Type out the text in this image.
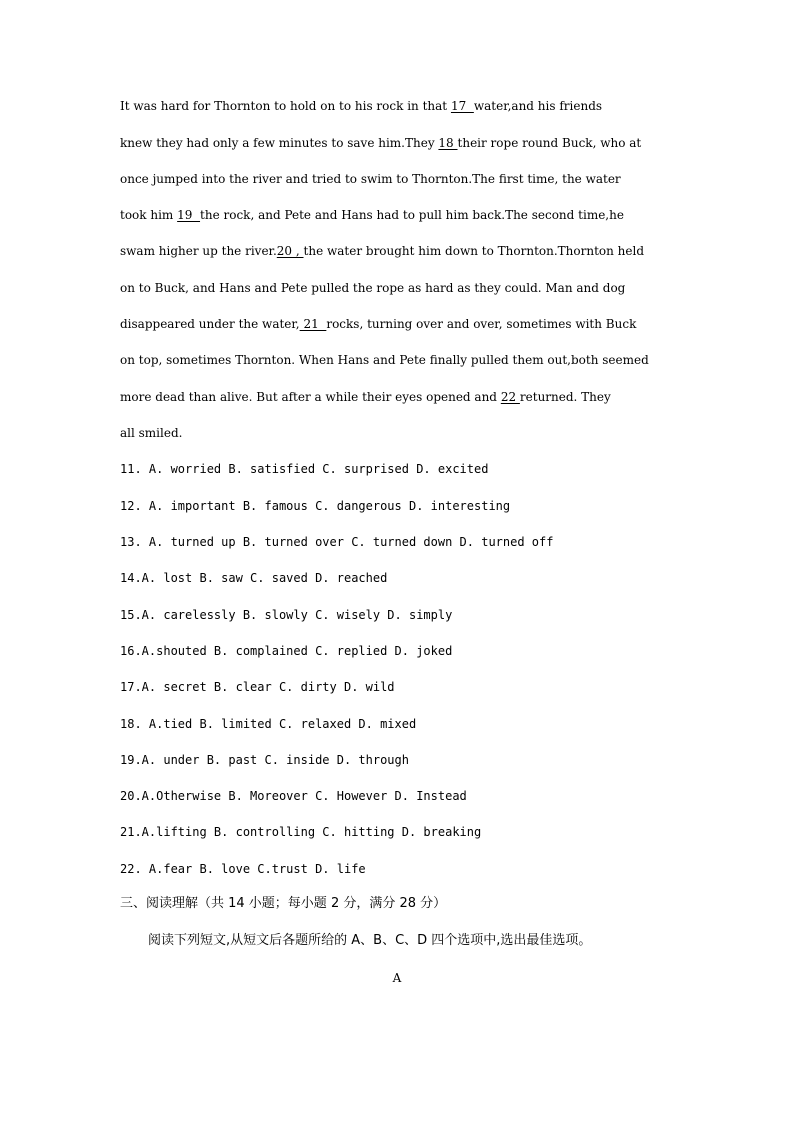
It was hard for Thornton to hold on to his rock in that 17  water,and his friends
knew they had only a few minutes to save him.They 18 their rope round Buck, who at
once jumped into the river and tried to swim to Thornton.The first time, the water
took him 19  the rock, and Pete and Hans had to pull him back.The second time,he
swam higher up the river.20 , the water brought him down to Thornton.Thornton held
on to Buck, and Hans and Pete pulled the rope as hard as they could. Man and dog
disappeared under the water, 21  rocks, turning over and over, sometimes with Buck
on top, sometimes Thornton. When Hans and Pete finally pulled them out,both seemed
more dead than alive. But after a while their eyes opened and 22 returned. They
all smiled.
11. A. worried B. satisfied C. surprised D. excited
12. A. important B. famous C. dangerous D. interesting
13. A. turned up B. turned over C. turned down D. turned off
14.A. lost B. saw C. saved D. reached
15.A. carelessly B. slowly C. wisely D. simply
16.A.shouted B. complained C. replied D. joked
17.A. secret B. clear C. dirty D. wild
18. A.tied B. limited C. relaxed D. mixed
19.A. under B. past C. inside D. through
20.A.Otherwise B. Moreover C. However D. Instead
21.A.lifting B. controlling C. hitting D. breaking
22. A.fear B. love C.trust D. life
三、阅读理解（共 14 小题；每小题 2 分，满分 28 分）
阅读下列短文,从短文后各题所给的 A、B、C、D 四个选项中,选出最佳选项。
A
